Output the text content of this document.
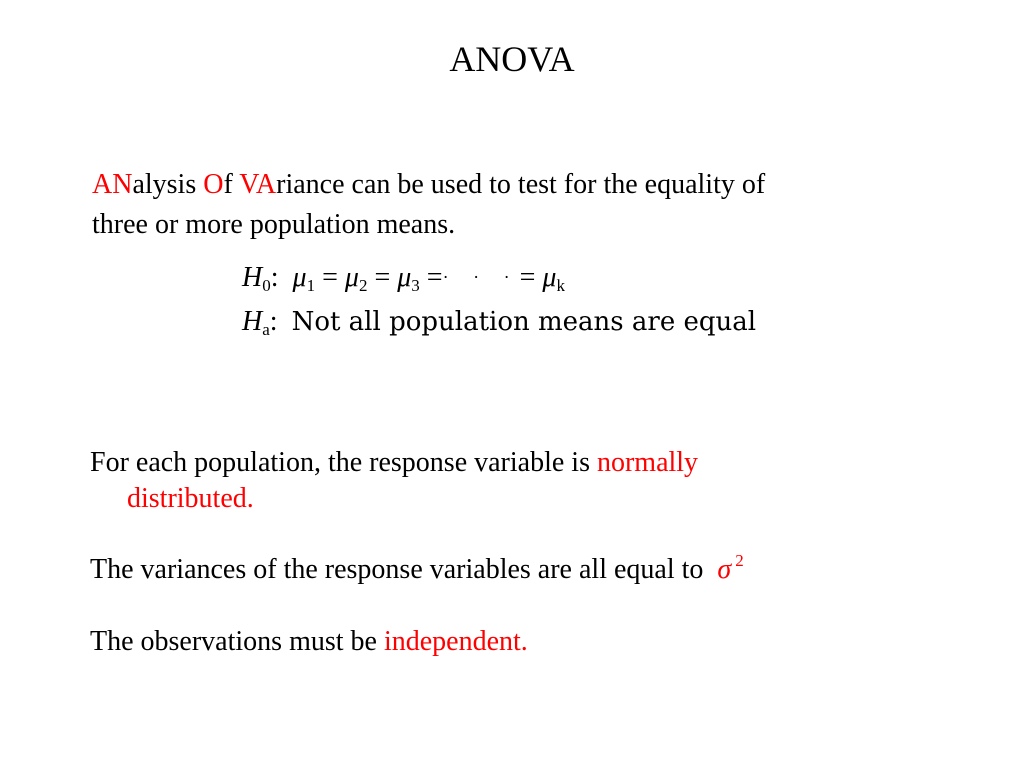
ANOVA
ANalysis Of VAriance can be used to test for the equality of
three or more population means.
$H_0$: $\mu_1 = \mu_2 = \mu_3$ =· · ·= $\mu_k$
$H_a$: Not all population means are equal
For each population, the response variable is normally
distributed.
The variances of the response variables are all equal to σ $^2$
The observations must be independent.
